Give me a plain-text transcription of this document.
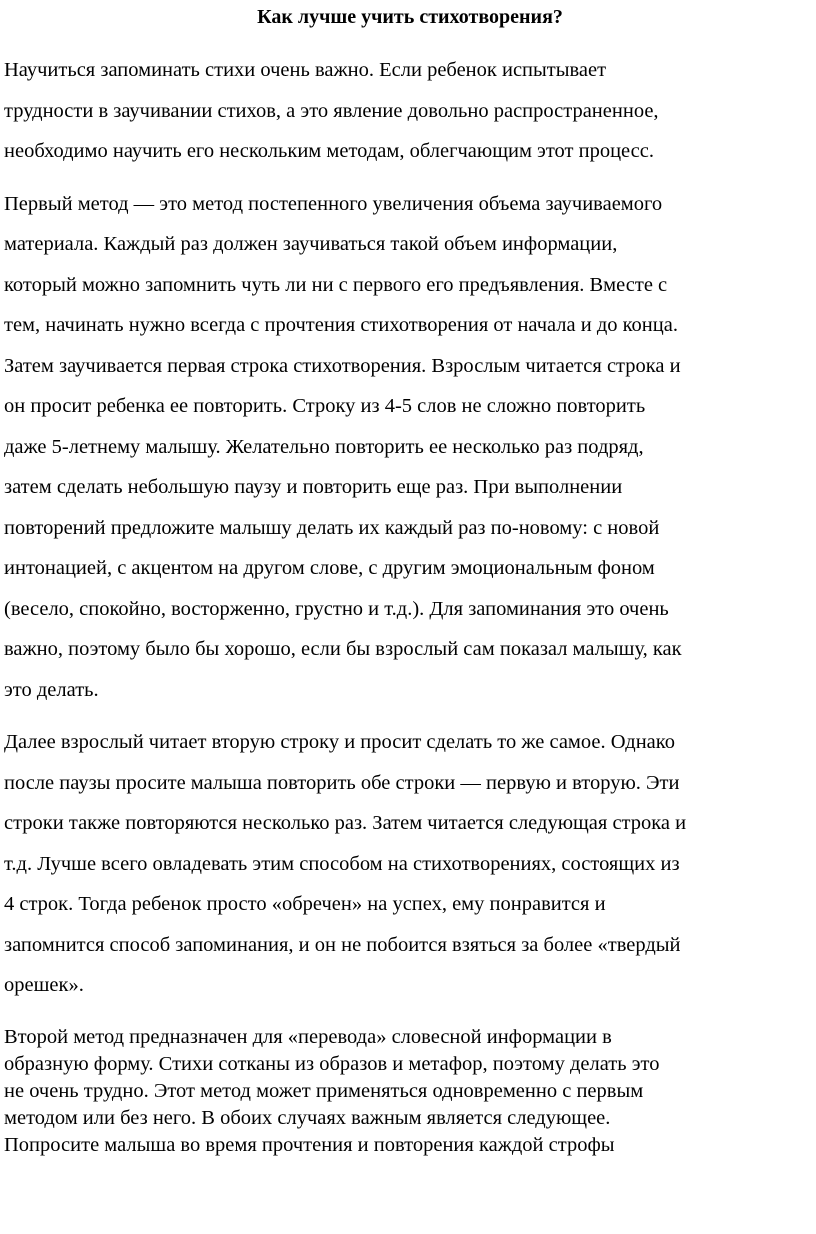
Как лучше учить стихотворения?

Научиться запоминать стихи очень важно. Если ребенок испытывает
трудности в заучивании стихов, а это явление довольно распространенное,
необходимо научить его нескольким методам, облегчающим этот процесс.

Первый метод — это метод постепенного увеличения объема заучиваемого
материала. Каждый раз должен заучиваться такой объем информации,
который можно запомнить чуть ли ни с первого его предъявления. Вместе с
тем, начинать нужно всегда с прочтения стихотворения от начала и до конца.
Затем заучивается первая строка стихотворения. Взрослым читается строка и
он просит ребенка ее повторить. Строку из 4-5 слов не сложно повторить
даже 5-летнему малышу. Желательно повторить ее несколько раз подряд,
затем сделать небольшую паузу и повторить еще раз. При выполнении
повторений предложите малышу делать их каждый раз по-новому: с новой
интонацией, с акцентом на другом слове, с другим эмоциональным фоном
(весело, спокойно, восторженно, грустно и т.д.). Для запоминания это очень
важно, поэтому было бы хорошо, если бы взрослый сам показал малышу, как
это делать.

Далее взрослый читает вторую строку и просит сделать то же самое. Однако
после паузы просите малыша повторить обе строки — первую и вторую. Эти
строки также повторяются несколько раз. Затем читается следующая строка и
т.д. Лучше всего овладевать этим способом на стихотворениях, состоящих из
4 строк. Тогда ребенок просто «обречен» на успех, ему понравится и
запомнится способ запоминания, и он не побоится взяться за более «твердый
орешек».

Второй метод предназначен для «перевода» словесной информации в
образную форму. Стихи сотканы из образов и метафор, поэтому делать это
не очень трудно. Этот метод может применяться одновременно с первым
методом или без него. В обоих случаях важным является следующее.
Попросите малыша во время прочтения и повторения каждой строфы
